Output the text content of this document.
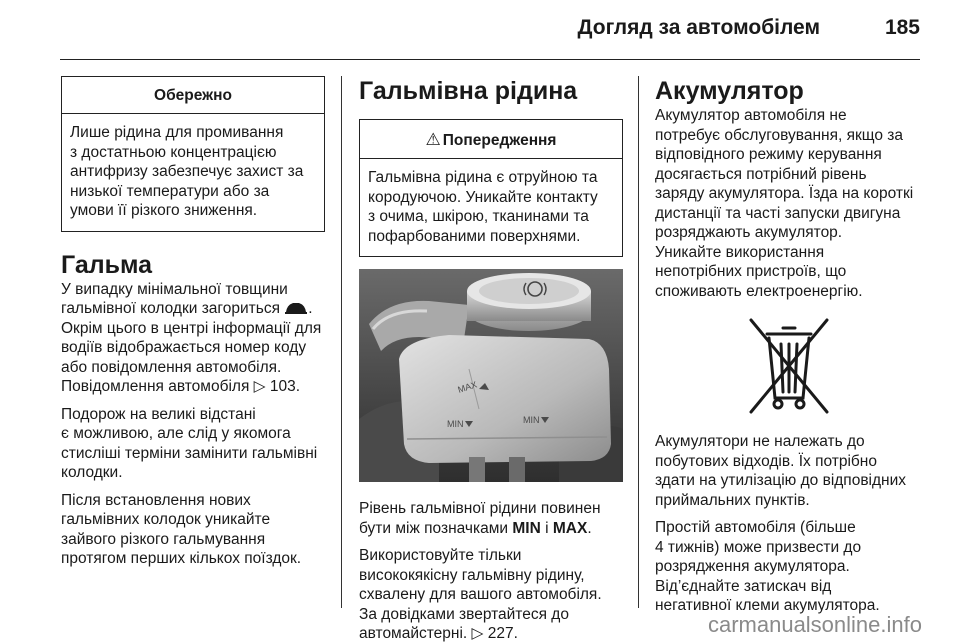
Догляд за автомобілем	185
Обережно
Лише рідина для промивання
з достатньою концентрацією
антифризу забезпечує захист за
низької температури або за
умови її різкого зниження.
Гальма

У випадку мінімальної товщини
гальмівної колодки загориться .
Окрім цього в центрі інформації для
водіїв відображається номер коду
або повідомлення автомобіля.
Повідомлення автомобіля ▷ 103.

Подорож на великі відстані
є можливою, але слід у якомога
стисліші терміни замінити гальмівні
колодки.

Після встановлення нових
гальмівних колодок уникайте
зайвого різкого гальмування
протягом перших кількох поїздок.

Гальмівна рідина
⚠ Попередження
Гальмівна рідина є отруйною та
кородуючою. Уникайте контакту
з очима, шкірою, тканинами та
пофарбованими поверхнями.
MAX
MIN	MIN

Рівень гальмівної рідини повинен
бути між позначками MIN і MAX.

Використовуйте тільки
висококякісну гальмівну рідину,
схвалену для вашого автомобіля.
За довідками звертайтеся до
автомайстерні. ▷ 227.

Акумулятор

Акумулятор автомобіля не
потребує обслуговування, якщо за
відповідного режиму керування
досягається потрібний рівень
заряду акумулятора. Їздa на короткі
дистанції та часті запуски двигуна
розряджають акумулятор.
Уникайте використання
непотрібних пристроїв, що
споживають електроенергію.

Акумулятори не належать до
побутових відходів. Їх потрібно
здати на утилізацію до відповідних
приймальних пунктів.

Простій автомобіля (більше
4 тижнів) може призвести до
розрядження акумулятора.
Від’єднайте затискач від
негативної клеми акумулятора.

carmanualsonline.info
